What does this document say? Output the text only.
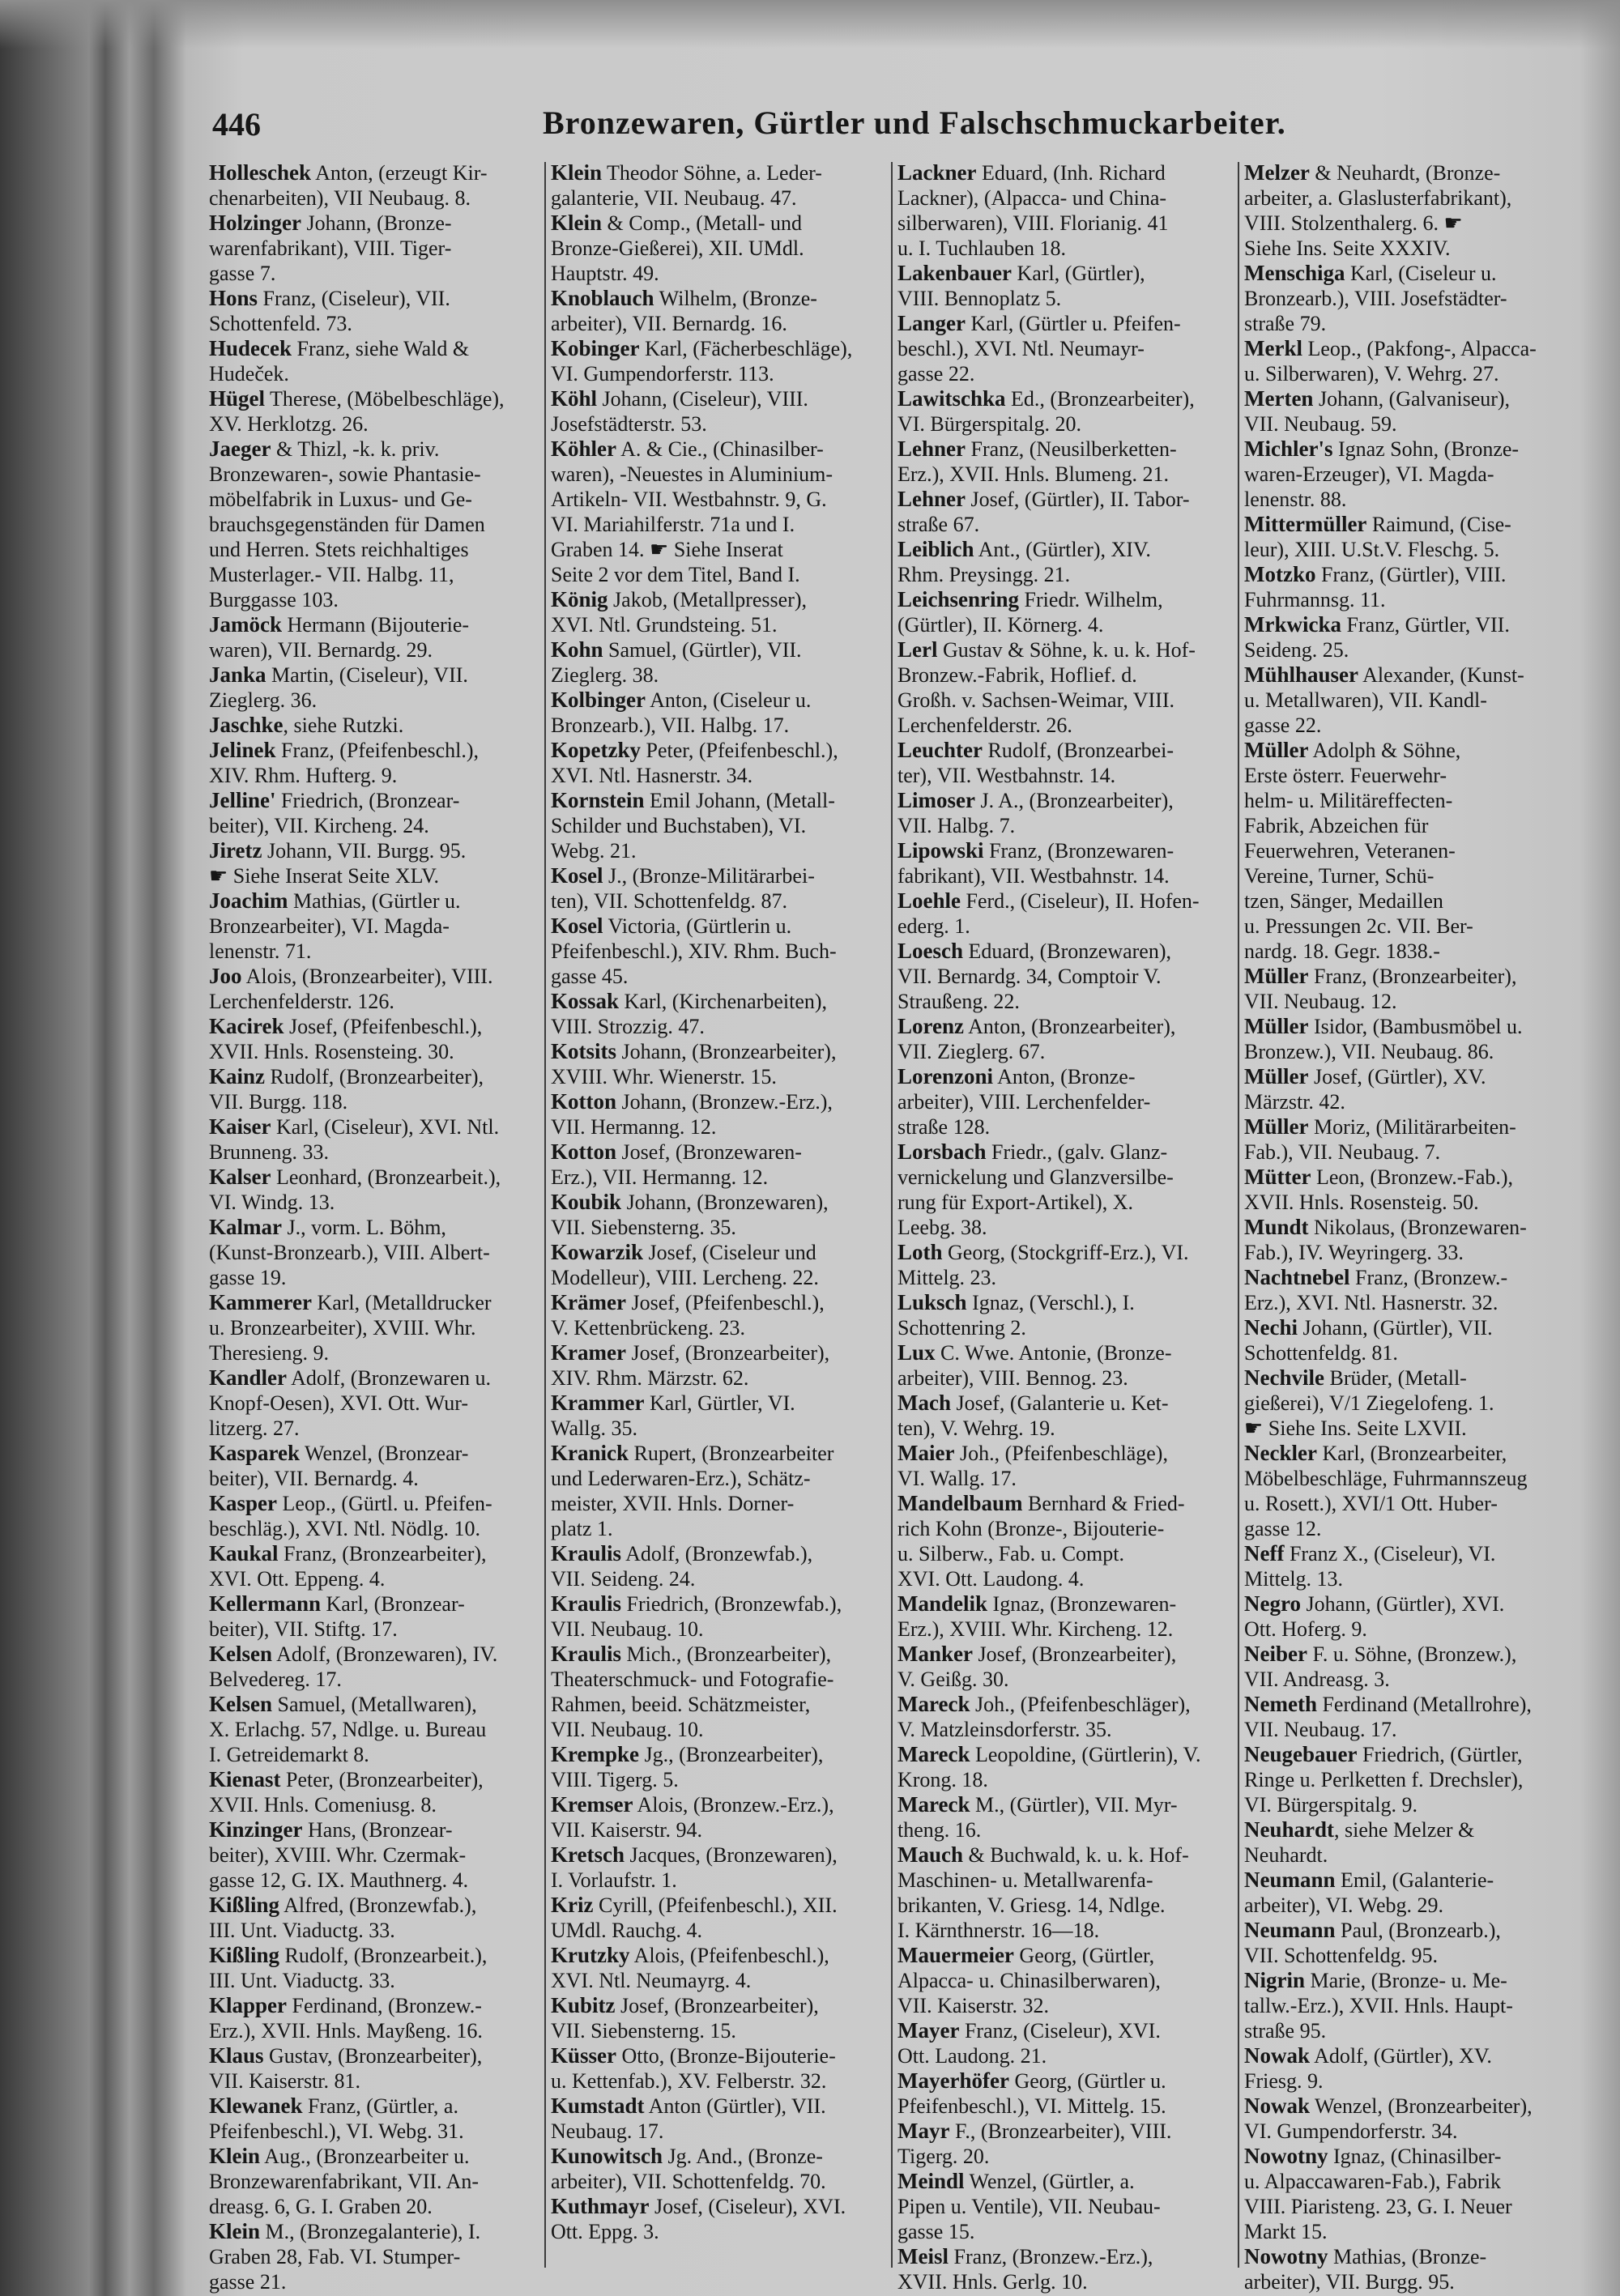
446	Bronzewaren, Gürtler und Falschschmuckarbeiter.
Holleschek Anton, (erzeugt Kir-
chenarbeiten), VII Neubaug. 8.
Holzinger Johann, (Bronze-
warenfabrikant), VIII. Tiger-
gasse 7.
Hons Franz, (Ciseleur), VII.
Schottenfeld. 73.
Hudecek Franz, siehe Wald &
Hudeček.
Hügel Therese, (Möbelbeschläge),
XV. Herklotzg. 26.
Jaeger & Thizl, -k. k. priv.
Bronzewaren-, sowie Phantasie-
möbelfabrik in Luxus- und Ge-
brauchsgegenständen für Damen
und Herren. Stets reichhaltiges
Musterlager.- VII. Halbg. 11,
Burggasse 103.
Jamöck Hermann (Bijouterie-
waren), VII. Bernardg. 29.
Janka Martin, (Ciseleur), VII.
Zieglerg. 36.
Jaschke, siehe Rutzki.
Jelinek Franz, (Pfeifenbeschl.),
XIV. Rhm. Hufterg. 9.
Jelline' Friedrich, (Bronzear-
beiter), VII. Kircheng. 24.
Jiretz Johann, VII. Burgg. 95.
☛ Siehe Inserat Seite XLV.
Joachim Mathias, (Gürtler u.
Bronzearbeiter), VI. Magda-
lenenstr. 71.
Joo Alois, (Bronzearbeiter), VIII.
Lerchenfelderstr. 126.
Kacirek Josef, (Pfeifenbeschl.),
XVII. Hnls. Rosensteing. 30.
Kainz Rudolf, (Bronzearbeiter),
VII. Burgg. 118.
Kaiser Karl, (Ciseleur), XVI. Ntl.
Brunneng. 33.
Kalser Leonhard, (Bronzearbeit.),
VI. Windg. 13.
Kalmar J., vorm. L. Böhm,
(Kunst-Bronzearb.), VIII. Albert-
gasse 19.
Kammerer Karl, (Metalldrucker
u. Bronzearbeiter), XVIII. Whr.
Theresieng. 9.
Kandler Adolf, (Bronzewaren u.
Knopf-Oesen), XVI. Ott. Wur-
litzerg. 27.
Kasparek Wenzel, (Bronzear-
beiter), VII. Bernardg. 4.
Kasper Leop., (Gürtl. u. Pfeifen-
beschläg.), XVI. Ntl. Nödlg. 10.
Kaukal Franz, (Bronzearbeiter),
XVI. Ott. Eppeng. 4.
Kellermann Karl, (Bronzear-
beiter), VII. Stiftg. 17.
Kelsen Adolf, (Bronzewaren), IV.
Belvedereg. 17.
Kelsen Samuel, (Metallwaren),
X. Erlachg. 57, Ndlge. u. Bureau
I. Getreidemarkt 8.
Kienast Peter, (Bronzearbeiter),
XVII. Hnls. Comeniusg. 8.
Kinzinger Hans, (Bronzear-
beiter), XVIII. Whr. Czermak-
gasse 12, G. IX. Mauthnerg. 4.
Kißling Alfred, (Bronzewfab.),
III. Unt. Viaductg. 33.
Kißling Rudolf, (Bronzearbeit.),
III. Unt. Viaductg. 33.
Klapper Ferdinand, (Bronzew.-
Erz.), XVII. Hnls. Mayßeng. 16.
Klaus Gustav, (Bronzearbeiter),
VII. Kaiserstr. 81.
Klewanek Franz, (Gürtler, a.
Pfeifenbeschl.), VI. Webg. 31.
Klein Aug., (Bronzearbeiter u.
Bronzewarenfabrikant, VII. An-
dreasg. 6, G. I. Graben 20.
Klein M., (Bronzegalanterie), I.
Graben 28, Fab. VI. Stumper-
gasse 21.
Klein Theodor Söhne, a. Leder-
galanterie, VII. Neubaug. 47.
Klein & Comp., (Metall- und
Bronze-Gießerei), XII. UMdl.
Hauptstr. 49.
Knoblauch Wilhelm, (Bronze-
arbeiter), VII. Bernardg. 16.
Kobinger Karl, (Fächerbeschläge),
VI. Gumpendorferstr. 113.
Köhl Johann, (Ciseleur), VIII.
Josefstädterstr. 53.
Köhler A. & Cie., (Chinasilber-
waren), -Neuestes in Aluminium-
Artikeln- VII. Westbahnstr. 9, G.
VI. Mariahilferstr. 71a und I.
Graben 14. ☛ Siehe Inserat
Seite 2 vor dem Titel, Band I.
König Jakob, (Metallpresser),
XVI. Ntl. Grundsteing. 51.
Kohn Samuel, (Gürtler), VII.
Zieglerg. 38.
Kolbinger Anton, (Ciseleur u.
Bronzearb.), VII. Halbg. 17.
Kopetzky Peter, (Pfeifenbeschl.),
XVI. Ntl. Hasnerstr. 34.
Kornstein Emil Johann, (Metall-
Schilder und Buchstaben), VI.
Webg. 21.
Kosel J., (Bronze-Militärarbei-
ten), VII. Schottenfeldg. 87.
Kosel Victoria, (Gürtlerin u.
Pfeifenbeschl.), XIV. Rhm. Buch-
gasse 45.
Kossak Karl, (Kirchenarbeiten),
VIII. Strozzig. 47.
Kotsits Johann, (Bronzearbeiter),
XVIII. Whr. Wienerstr. 15.
Kotton Johann, (Bronzew.-Erz.),
VII. Hermanng. 12.
Kotton Josef, (Bronzewaren-
Erz.), VII. Hermanng. 12.
Koubik Johann, (Bronzewaren),
VII. Siebensterng. 35.
Kowarzik Josef, (Ciseleur und
Modelleur), VIII. Lercheng. 22.
Krämer Josef, (Pfeifenbeschl.),
V. Kettenbrückeng. 23.
Kramer Josef, (Bronzearbeiter),
XIV. Rhm. Märzstr. 62.
Krammer Karl, Gürtler, VI.
Wallg. 35.
Kranick Rupert, (Bronzearbeiter
und Lederwaren-Erz.), Schätz-
meister, XVII. Hnls. Dorner-
platz 1.
Kraulis Adolf, (Bronzewfab.),
VII. Seideng. 24.
Kraulis Friedrich, (Bronzewfab.),
VII. Neubaug. 10.
Kraulis Mich., (Bronzearbeiter),
Theaterschmuck- und Fotografie-
Rahmen, beeid. Schätzmeister,
VII. Neubaug. 10.
Krempke Jg., (Bronzearbeiter),
VIII. Tigerg. 5.
Kremser Alois, (Bronzew.-Erz.),
VII. Kaiserstr. 94.
Kretsch Jacques, (Bronzewaren),
I. Vorlaufstr. 1.
Kriz Cyrill, (Pfeifenbeschl.), XII.
UMdl. Rauchg. 4.
Krutzky Alois, (Pfeifenbeschl.),
XVI. Ntl. Neumayrg. 4.
Kubitz Josef, (Bronzearbeiter),
VII. Siebensterng. 15.
Küsser Otto, (Bronze-Bijouterie-
u. Kettenfab.), XV. Felberstr. 32.
Kumstadt Anton (Gürtler), VII.
Neubaug. 17.
Kunowitsch Jg. And., (Bronze-
arbeiter), VII. Schottenfeldg. 70.
Kuthmayr Josef, (Ciseleur), XVI.
Ott. Eppg. 3.
Lackner Eduard, (Inh. Richard
Lackner), (Alpacca- und China-
silberwaren), VIII. Florianig. 41
u. I. Tuchlauben 18.
Lakenbauer Karl, (Gürtler),
VIII. Bennoplatz 5.
Langer Karl, (Gürtler u. Pfeifen-
beschl.), XVI. Ntl. Neumayr-
gasse 22.
Lawitschka Ed., (Bronzearbeiter),
VI. Bürgerspitalg. 20.
Lehner Franz, (Neusilberketten-
Erz.), XVII. Hnls. Blumeng. 21.
Lehner Josef, (Gürtler), II. Tabor-
straße 67.
Leiblich Ant., (Gürtler), XIV.
Rhm. Preysingg. 21.
Leichsenring Friedr. Wilhelm,
(Gürtler), II. Körnerg. 4.
Lerl Gustav & Söhne, k. u. k. Hof-
Bronzew.-Fabrik, Hoflief. d.
Großh. v. Sachsen-Weimar, VIII.
Lerchenfelderstr. 26.
Leuchter Rudolf, (Bronzearbei-
ter), VII. Westbahnstr. 14.
Limoser J. A., (Bronzearbeiter),
VII. Halbg. 7.
Lipowski Franz, (Bronzewaren-
fabrikant), VII. Westbahnstr. 14.
Loehle Ferd., (Ciseleur), II. Hofen-
ederg. 1.
Loesch Eduard, (Bronzewaren),
VII. Bernardg. 34, Comptoir V.
Straußeng. 22.
Lorenz Anton, (Bronzearbeiter),
VII. Zieglerg. 67.
Lorenzoni Anton, (Bronze-
arbeiter), VIII. Lerchenfelder-
straße 128.
Lorsbach Friedr., (galv. Glanz-
vernickelung und Glanzversilbe-
rung für Export-Artikel), X.
Leebg. 38.
Loth Georg, (Stockgriff-Erz.), VI.
Mittelg. 23.
Luksch Ignaz, (Verschl.), I.
Schottenring 2.
Lux C. Wwe. Antonie, (Bronze-
arbeiter), VIII. Bennog. 23.
Mach Josef, (Galanterie u. Ket-
ten), V. Wehrg. 19.
Maier Joh., (Pfeifenbeschläge),
VI. Wallg. 17.
Mandelbaum Bernhard & Fried-
rich Kohn (Bronze-, Bijouterie-
u. Silberw., Fab. u. Compt.
XVI. Ott. Laudong. 4.
Mandelik Ignaz, (Bronzewaren-
Erz.), XVIII. Whr. Kircheng. 12.
Manker Josef, (Bronzearbeiter),
V. Geißg. 30.
Mareck Joh., (Pfeifenbeschläger),
V. Matzleinsdorferstr. 35.
Mareck Leopoldine, (Gürtlerin), V.
Krong. 18.
Mareck M., (Gürtler), VII. Myr-
theng. 16.
Mauch & Buchwald, k. u. k. Hof-
Maschinen- u. Metallwarenfa-
brikanten, V. Griesg. 14, Ndlge.
I. Kärnthnerstr. 16—18.
Mauermeier Georg, (Gürtler,
Alpacca- u. Chinasilberwaren),
VII. Kaiserstr. 32.
Mayer Franz, (Ciseleur), XVI.
Ott. Laudong. 21.
Mayerhöfer Georg, (Gürtler u.
Pfeifenbeschl.), VI. Mittelg. 15.
Mayr F., (Bronzearbeiter), VIII.
Tigerg. 20.
Meindl Wenzel, (Gürtler, a.
Pipen u. Ventile), VII. Neubau-
gasse 15.
Meisl Franz, (Bronzew.-Erz.),
XVII. Hnls. Gerlg. 10.
Melzer & Neuhardt, (Bronze-
arbeiter, a. Glaslusterfabrikant),
VIII. Stolzenthalerg. 6. ☛
Siehe Ins. Seite XXXIV.
Menschiga Karl, (Ciseleur u.
Bronzearb.), VIII. Josefstädter-
straße 79.
Merkl Leop., (Pakfong-, Alpacca-
u. Silberwaren), V. Wehrg. 27.
Merten Johann, (Galvaniseur),
VII. Neubaug. 59.
Michler's Ignaz Sohn, (Bronze-
waren-Erzeuger), VI. Magda-
lenenstr. 88.
Mittermüller Raimund, (Cise-
leur), XIII. U.St.V. Fleschg. 5.
Motzko Franz, (Gürtler), VIII.
Fuhrmannsg. 11.
Mrkwicka Franz, Gürtler, VII.
Seideng. 25.
Mühlhauser Alexander, (Kunst-
u. Metallwaren), VII. Kandl-
gasse 22.
Müller Adolph & Söhne,
Erste österr. Feuerwehr-
helm- u. Militäreffecten-
Fabrik, Abzeichen für
Feuerwehren, Veteranen-
Vereine, Turner, Schü-
tzen, Sänger, Medaillen
u. Pressungen 2c. VII. Ber-
nardg. 18. Gegr. 1838.-
Müller Franz, (Bronzearbeiter),
VII. Neubaug. 12.
Müller Isidor, (Bambusmöbel u.
Bronzew.), VII. Neubaug. 86.
Müller Josef, (Gürtler), XV.
Märzstr. 42.
Müller Moriz, (Militärarbeiten-
Fab.), VII. Neubaug. 7.
Mütter Leon, (Bronzew.-Fab.),
XVII. Hnls. Rosensteig. 50.
Mundt Nikolaus, (Bronzewaren-
Fab.), IV. Weyringerg. 33.
Nachtnebel Franz, (Bronzew.-
Erz.), XVI. Ntl. Hasnerstr. 32.
Nechi Johann, (Gürtler), VII.
Schottenfeldg. 81.
Nechvile Brüder, (Metall-
gießerei), V/1 Ziegelofeng. 1.
☛ Siehe Ins. Seite LXVII.
Neckler Karl, (Bronzearbeiter,
Möbelbeschläge, Fuhrmannszeug
u. Rosett.), XVI/1 Ott. Huber-
gasse 12.
Neff Franz X., (Ciseleur), VI.
Mittelg. 13.
Negro Johann, (Gürtler), XVI.
Ott. Hoferg. 9.
Neiber F. u. Söhne, (Bronzew.),
VII. Andreasg. 3.
Nemeth Ferdinand (Metallrohre),
VII. Neubaug. 17.
Neugebauer Friedrich, (Gürtler,
Ringe u. Perlketten f. Drechsler),
VI. Bürgerspitalg. 9.
Neuhardt, siehe Melzer &
Neuhardt.
Neumann Emil, (Galanterie-
arbeiter), VI. Webg. 29.
Neumann Paul, (Bronzearb.),
VII. Schottenfeldg. 95.
Nigrin Marie, (Bronze- u. Me-
tallw.-Erz.), XVII. Hnls. Haupt-
straße 95.
Nowak Adolf, (Gürtler), XV.
Friesg. 9.
Nowak Wenzel, (Bronzearbeiter),
VI. Gumpendorferstr. 34.
Nowotny Ignaz, (Chinasilber-
u. Alpaccawaren-Fab.), Fabrik
VIII. Piaristeng. 23, G. I. Neuer
Markt 15.
Nowotny Mathias, (Bronze-
arbeiter), VII. Burgg. 95.
